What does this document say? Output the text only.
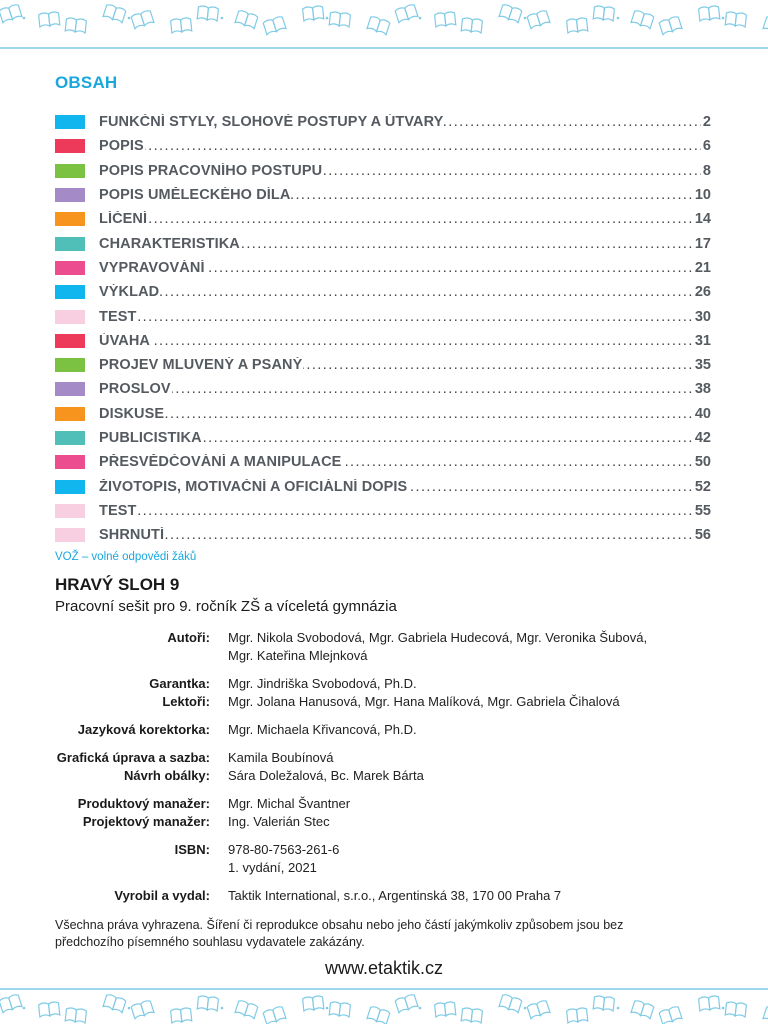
OBSAH
FUNKČNÍ STYLY, SLOHOVÉ POSTUPY A ÚTVARY . . .	2
POPIS . . .	6
POPIS PRACOVNÍHO POSTUPU . . .	8
POPIS UMĚLECKÉHO DÍLA . . .	10
LÍČENÍ . . .	14
CHARAKTERISTIKA . . .	17
VYPRAVOVÁNÍ . . .	21
VÝKLAD . . .	26
TEST . . .	30
ÚVAHA . . .	31
PROJEV MLUVENÝ A PSANÝ . . .	35
PROSLOV . . .	38
DISKUSE . . .	40
PUBLICISTIKA . . .	42
PŘESVĚDČOVÁNÍ A MANIPULACE . . .	50
ŽIVOTOPIS, MOTIVAČNÍ A OFICIÁLNÍ DOPIS . . .	52
TEST . . .	55
SHRNUTÍ . . .	56
VOŽ – volné odpovědi žáků
HRAVÝ SLOH 9
Pracovní sešit pro 9. ročník ZŠ a víceletá gymnázia
Autoři:	Mgr. Nikola Svobodová, Mgr. Gabriela Hudecová, Mgr. Veronika Šubová,
Mgr. Kateřina Mlejnková
Garantka:	Mgr. Jindriška Svobodová, Ph.D.
Lektoři:	Mgr. Jolana Hanusová, Mgr. Hana Malíková, Mgr. Gabriela Čihalová
Jazyková korektorka:	Mgr. Michaela Křivancová, Ph.D.
Grafická úprava a sazba:	Kamila Boubínová
Návrh obálky:	Sára Doležalová, Bc. Marek Bárta
Produktový manažer:	Mgr. Michal Švantner
Projektový manažer:	Ing. Valerián Stec
ISBN:	978-80-7563-261-6
1. vydání, 2021
Vyrobil a vydal:	Taktik International, s.r.o., Argentinská 38, 170 00 Praha 7
Všechna práva vyhrazena. Šíření či reprodukce obsahu nebo jeho částí jakýmkoliv způsobem jsou bez předchozího písemného souhlasu vydavatele zakázány.
www.etaktik.cz
